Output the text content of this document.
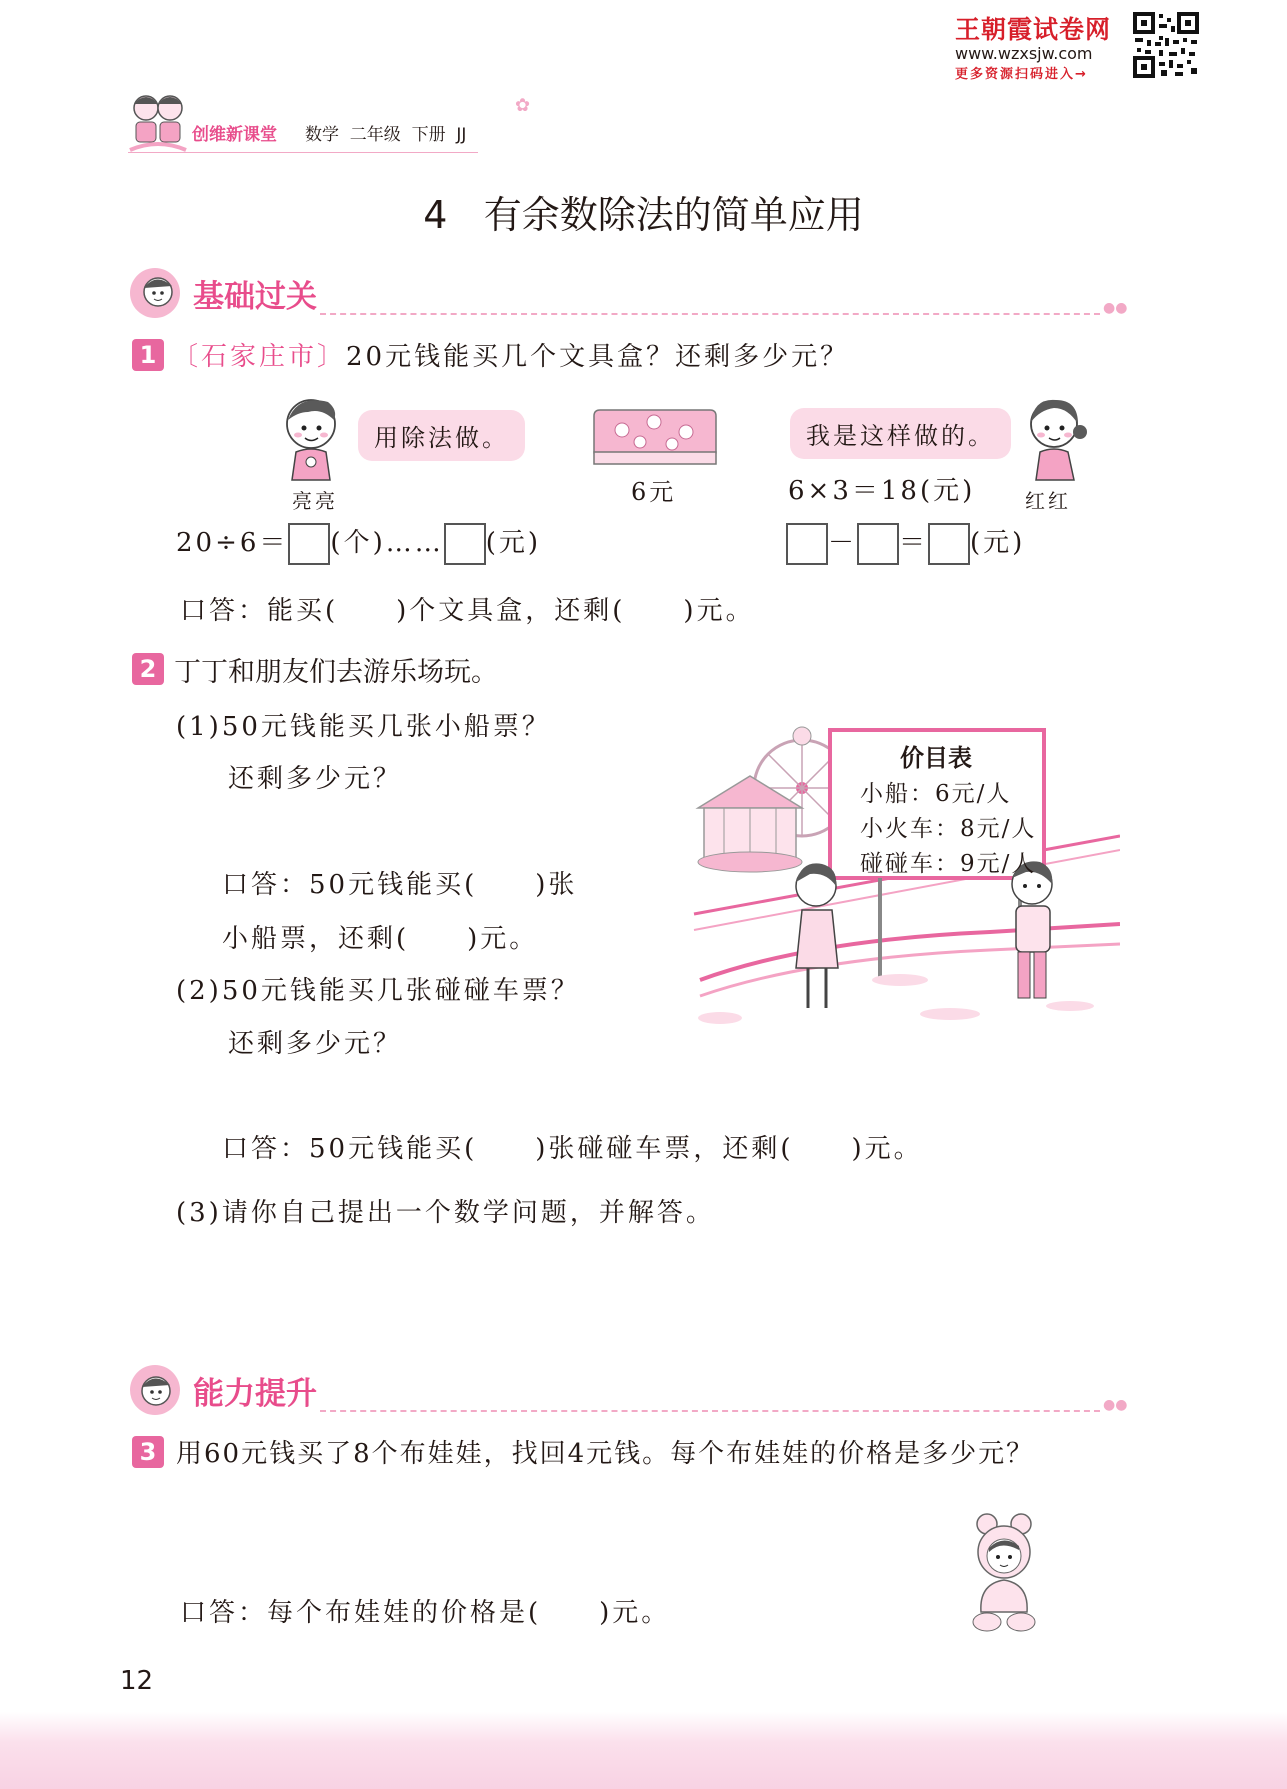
王朝霞试卷网
www.wzxsjw.com
更多资源扫码进入→
创维新课堂 数学  二年级  下册  JJ
✿
4   有余数除法的简单应用
基础过关	●●
1 〔石家庄市〕20元钱能买几个文具盒？还剩多少元？
用除法做。
亮亮	6元
我是这样做的。
6×3＝18(元) 红红
20÷6＝ (个)…… (元)	－ ＝ (元)
口答：能买(　　)个文具盒，还剩(　　)元。
2 丁丁和朋友们去游乐场玩。
(1)50元钱能买几张小船票？
还剩多少元？
口答：50元钱能买(　　)张
小船票，还剩(　　)元。
(2)50元钱能买几张碰碰车票？
还剩多少元？
口答：50元钱能买(　　)张碰碰车票，还剩(　　)元。
(3)请你自己提出一个数学问题，并解答。
价目表
小船：6元/人
小火车：8元/人
碰碰车：9元/人
能力提升	●●
3 用60元钱买了8个布娃娃，找回4元钱。每个布娃娃的价格是多少元？
口答：每个布娃娃的价格是(　　)元。
12
